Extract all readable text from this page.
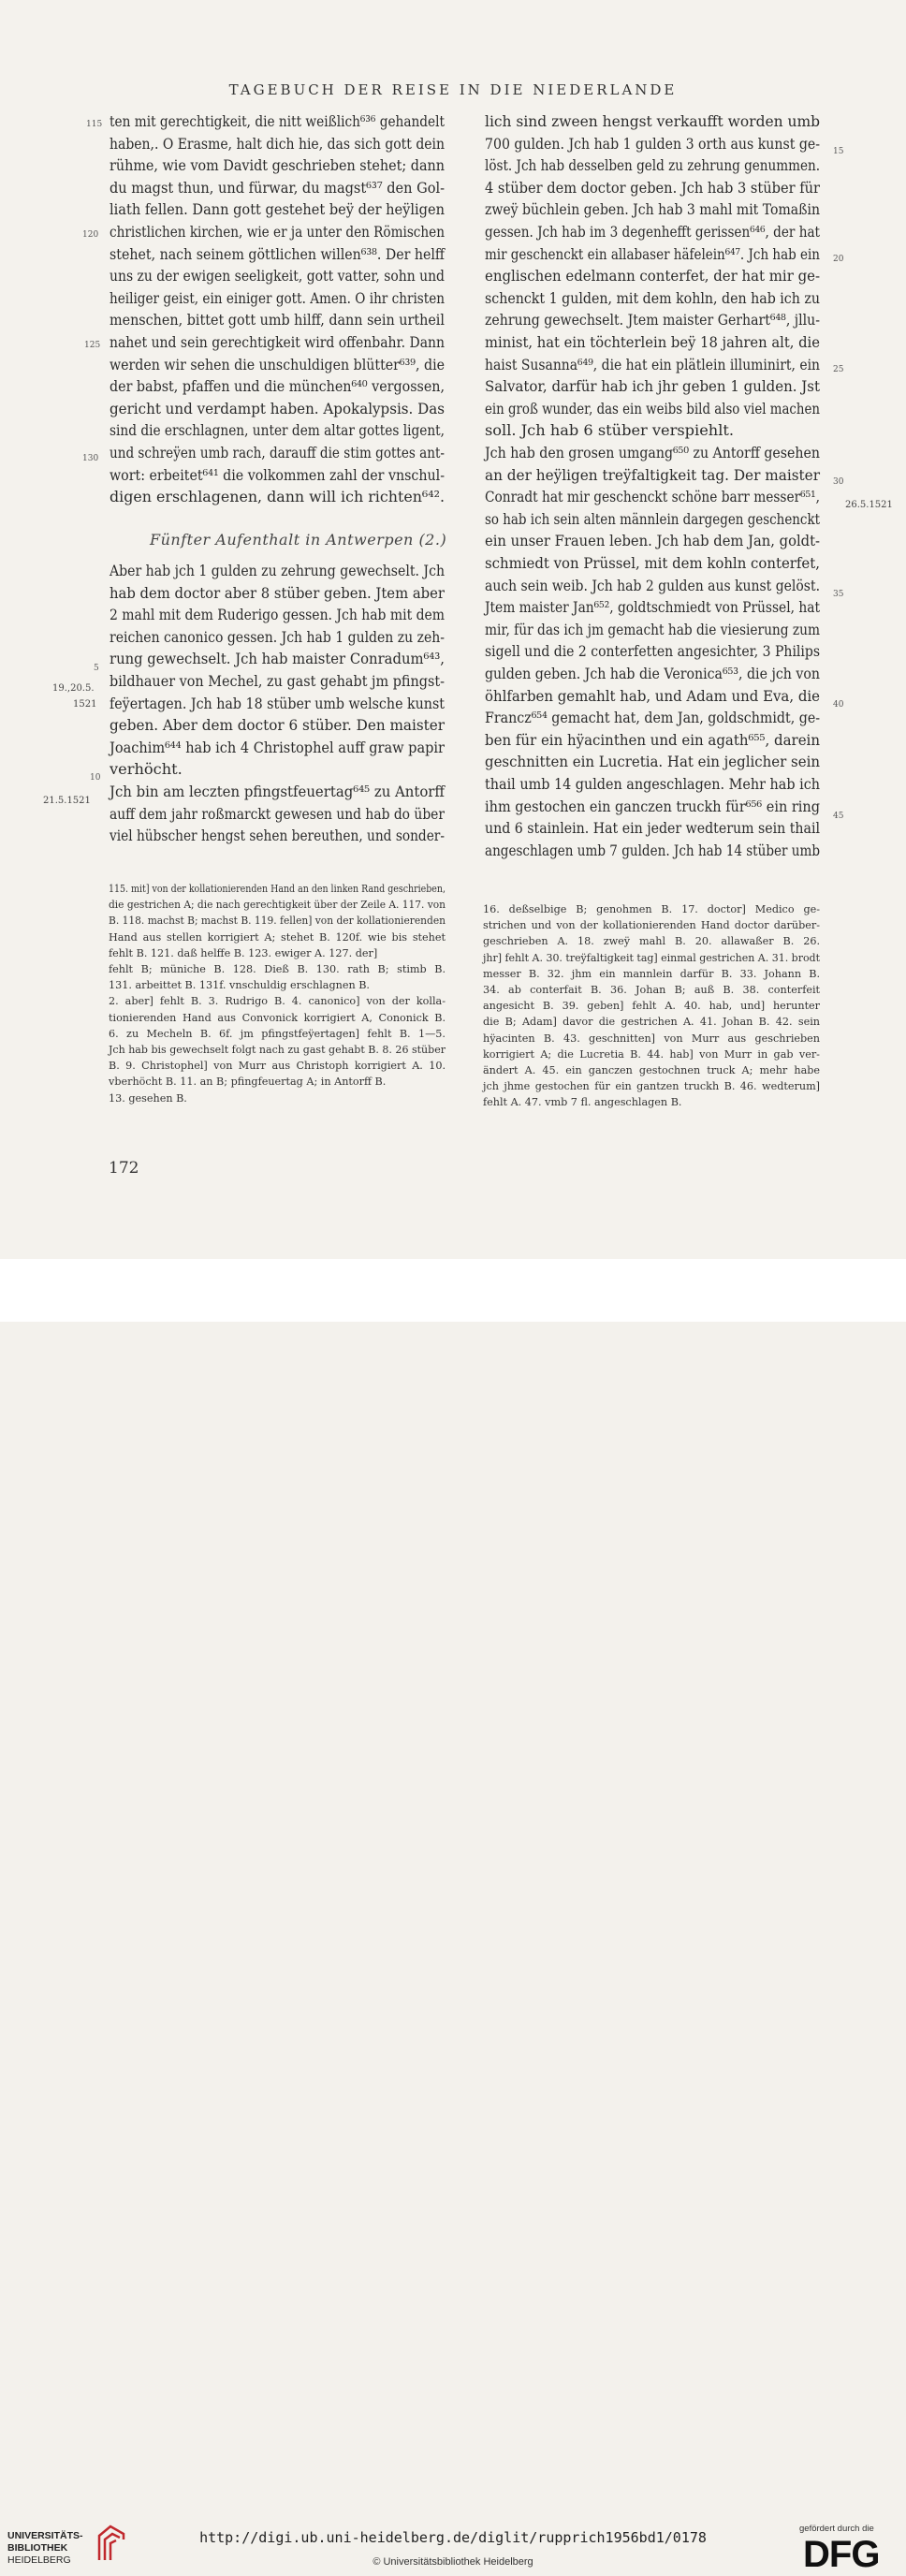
TAGEBUCH DER REISE IN DIE NIEDERLANDE
ten mit gerechtigkeit, die nitt weißlich⁶³⁶ gehandelt
haben,. O Erasme, halt dich hie, das sich gott dein
rühme, wie vom Davidt geschrieben stehet; dann
du magst thun, und fürwar, du magst⁶³⁷ den Gol-
liath fellen. Dann gott gestehet beÿ der heÿligen
christlichen kirchen, wie er ja unter den Römischen
stehet, nach seinem göttlichen willen⁶³⁸. Der helff
uns zu der ewigen seeligkeit, gott vatter, sohn und
heiliger geist, ein einiger gott. Amen. O ihr christen
menschen, bittet gott umb hilff, dann sein urtheil
nahet und sein gerechtigkeit wird offenbahr. Dann
werden wir sehen die unschuldigen blütter⁶³⁹, die
der babst, pfaffen und die münchen⁶⁴⁰ vergossen,
gericht und verdampt haben. Apokalypsis. Das
sind die erschlagnen, unter dem altar gottes ligent,
und schreÿen umb rach, darauff die stim gottes ant-
wort: erbeitet⁶⁴¹ die volkommen zahl der vnschul-
digen erschlagenen, dann will ich richten⁶⁴².
Fünfter Aufenthalt in Antwerpen (2.)
Aber hab jch 1 gulden zu zehrung gewechselt. Jch
hab dem doctor aber 8 stüber geben. Jtem aber
2 mahl mit dem Ruderigo gessen. Jch hab mit dem
reichen canonico gessen. Jch hab 1 gulden zu zeh-
rung gewechselt. Jch hab maister Conradum⁶⁴³,
bildhauer von Mechel, zu gast gehabt jm pfingst-
feÿertagen. Jch hab 18 stüber umb welsche kunst
geben. Aber dem doctor 6 stüber. Den maister
Joachim⁶⁴⁴ hab ich 4 Christophel auff graw papir
verhöcht.
Jch bin am leczten pfingstfeuertag⁶⁴⁵ zu Antorff
auff dem jahr roßmarckt gewesen und hab do über
viel hübscher hengst sehen bereuthen, und sonder-
115
120
125
130
5
10
19.,20.5.
1521
21.5.1521
lich sind zween hengst verkaufft worden umb
700 gulden. Jch hab 1 gulden 3 orth aus kunst ge-
löst. Jch hab desselben geld zu zehrung genummen.
4 stüber dem doctor geben. Jch hab 3 stüber für
zweÿ büchlein geben. Jch hab 3 mahl mit Tomaßin
gessen. Jch hab im 3 degenhefft gerissen⁶⁴⁶, der hat
mir geschenckt ein allabaser häfelein⁶⁴⁷. Jch hab ein
englischen edelmann conterfet, der hat mir ge-
schenckt 1 gulden, mit dem kohln, den hab ich zu
zehrung gewechselt. Jtem maister Gerhart⁶⁴⁸, jllu-
minist, hat ein töchterlein beÿ 18 jahren alt, die
haist Susanna⁶⁴⁹, die hat ein plätlein illuminirt, ein
Salvator, darfür hab ich jhr geben 1 gulden. Jst
ein groß wunder, das ein weibs bild also viel machen
soll. Jch hab 6 stüber verspiehlt.
Jch hab den grosen umgang⁶⁵⁰ zu Antorff gesehen
an der heÿligen treÿfaltigkeit tag. Der maister
Conradt hat mir geschenckt schöne barr messer⁶⁵¹,
so hab ich sein alten männlein dargegen geschenckt
ein unser Frauen leben. Jch hab dem Jan, goldt-
schmiedt von Prüssel, mit dem kohln conterfet,
auch sein weib. Jch hab 2 gulden aus kunst gelöst.
Jtem maister Jan⁶⁵², goldtschmiedt von Prüssel, hat
mir, für das ich jm gemacht hab die viesierung zum
sigell und die 2 conterfetten angesichter, 3 Philips
gulden geben. Jch hab die Veronica⁶⁵³, die jch von
öhlfarben gemahlt hab, und Adam und Eva, die
Francz⁶⁵⁴ gemacht hat, dem Jan, goldschmidt, ge-
ben für ein hÿacinthen und ein agath⁶⁵⁵, darein
geschnitten ein Lucretia. Hat ein jeglicher sein
thail umb 14 gulden angeschlagen. Mehr hab ich
ihm gestochen ein ganczen truckh für⁶⁵⁶ ein ring
und 6 stainlein. Hat ein jeder wedterum sein thail
angeschlagen umb 7 gulden. Jch hab 14 stüber umb
15
20
25
30
35
40
45
26.5.1521
115. mit] von der kollationierenden Hand an den linken Rand geschrieben,
die gestrichen A; die nach gerechtigkeit über der Zeile A. 117. von
B. 118. machst B; machst B. 119. fellen] von der kollationierenden
Hand aus stellen korrigiert A; stehet B. 120f. wie bis stehet
fehlt B. 121. daß helffe B. 123. ewiger A. 127. der]
fehlt B; müniche B. 128. Dieß B. 130. rath B; stimb B.
131. arbeittet B. 131f. vnschuldig erschlagnen B.
2. aber] fehlt B. 3. Rudrigo B. 4. canonico] von der kolla-
tionierenden Hand aus Convonick korrigiert A, Cononick B.
6. zu Mecheln B. 6f. jm pfingstfeÿertagen] fehlt B. 1—5.
Jch hab bis gewechselt folgt nach zu gast gehabt B. 8. 26 stüber
B. 9. Christophel] von Murr aus Christoph korrigiert A. 10.
vberhöcht B. 11. an B; pfingfeuertag A; in Antorff B.
13. gesehen B.
16. deßselbige B; genohmen B. 17. doctor] Medico ge-
strichen und von der kollationierenden Hand doctor darüber-
geschrieben A. 18. zweÿ mahl B. 20. allawaßer B. 26.
jhr] fehlt A. 30. treÿfaltigkeit tag] einmal gestrichen A. 31. brodt
messer B. 32. jhm ein mannlein darfür B. 33. Johann B.
34. ab conterfait B. 36. Johan B; auß B. 38. conterfeit
angesicht B. 39. geben] fehlt A. 40. hab, und] herunter
die B; Adam] davor die gestrichen A. 41. Johan B. 42. sein
hÿacinten B. 43. geschnitten] von Murr aus geschrieben
korrigiert A; die Lucretia B. 44. hab] von Murr in gab ver-
ändert A. 45. ein ganczen gestochnen truck A; mehr habe
jch jhme gestochen für ein gantzen truckh B. 46. wedterum]
fehlt A. 47. vmb 7 fl. angeschlagen B.
172
UNIVERSITÄTS-
BIBLIOTHEK
HEIDELBERG
http://digi.ub.uni-heidelberg.de/diglit/rupprich1956bd1/0178
© Universitätsbibliothek Heidelberg
gefördert durch die
DFG
